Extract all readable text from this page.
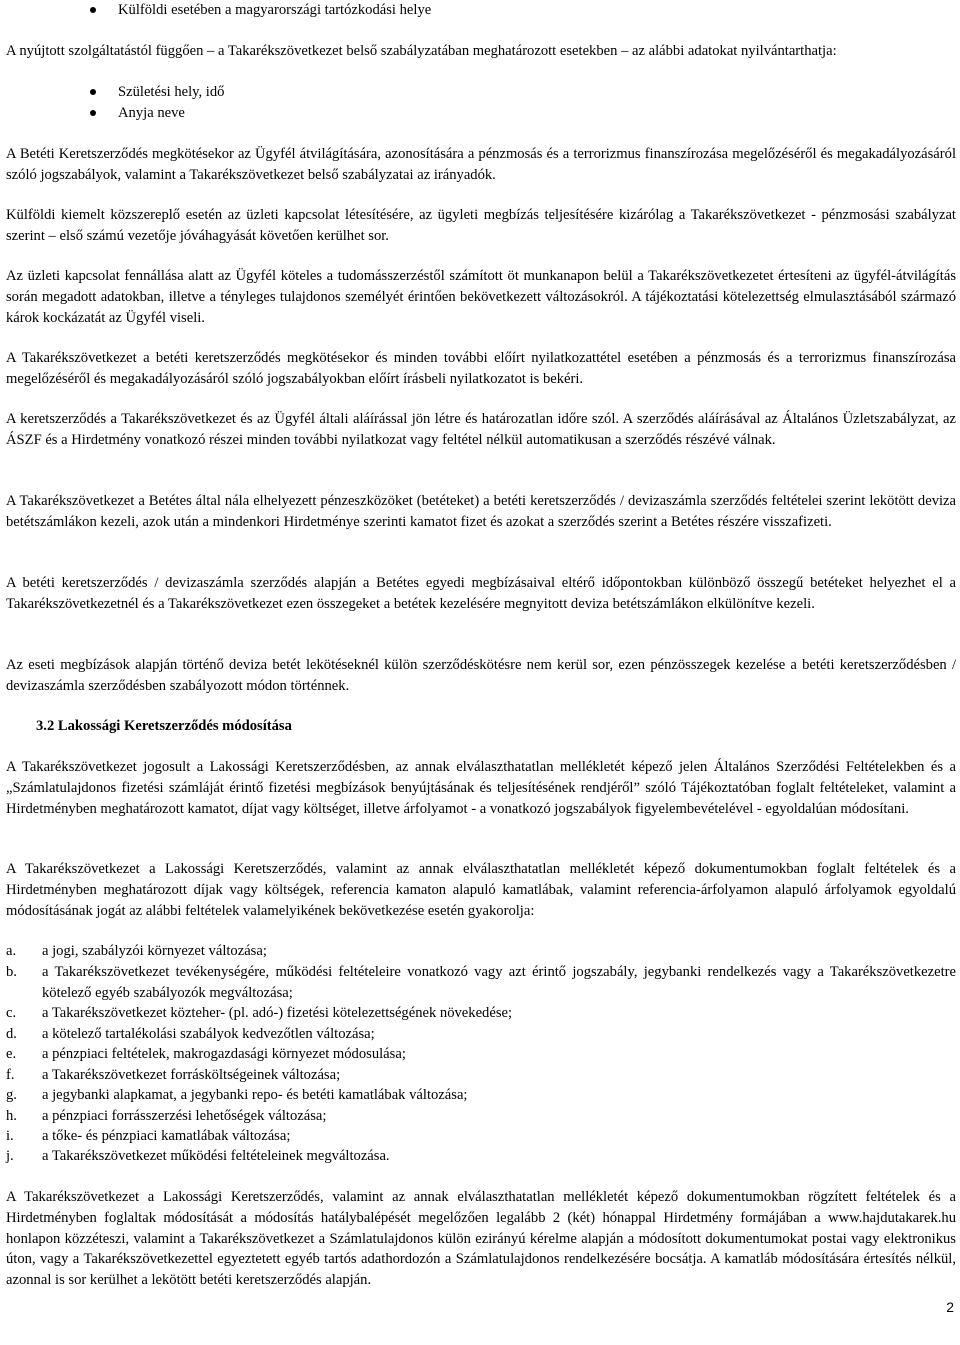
Külföldi esetében a magyarországi tartózkodási helye
A nyújtott szolgáltatástól függően – a Takarékszövetkezet belső szabályzatában meghatározott esetekben – az alábbi adatokat nyilvántarthatja:
Születési hely, idő
Anyja neve
A Betéti Keretszerződés megkötésekor az Ügyfél átvilágítására, azonosítására a pénzmosás és a terrorizmus finanszírozása megelőzéséről és megakadályozásáról szóló jogszabályok, valamint a Takarékszövetkezet belső szabályzatai az irányadók.
Külföldi kiemelt közszereplő esetén az üzleti kapcsolat létesítésére, az ügyleti megbízás teljesítésére kizárólag a Takarékszövetkezet - pénzmosási szabályzat szerint – első számú vezetője jóváhagyását követően kerülhet sor.
Az üzleti kapcsolat fennállása alatt az Ügyfél köteles a tudomásszerzéstől számított öt munkanapon belül a Takarékszövetkezetet értesíteni az ügyfél-átvilágítás során megadott adatokban, illetve a tényleges tulajdonos személyét érintően bekövetkezett változásokról. A tájékoztatási kötelezettség elmulasztásából származó károk kockázatát az Ügyfél viseli.
A Takarékszövetkezet a betéti keretszerződés megkötésekor és minden további előírt nyilatkozattétel esetében a pénzmosás és a terrorizmus finanszírozása megelőzéséről és megakadályozásáról szóló jogszabályokban előírt írásbeli nyilatkozatot is bekéri.
A keretszerződés a Takarékszövetkezet és az Ügyfél általi aláírással jön létre és határozatlan időre szól. A szerződés aláírásával az Általános Üzletszabályzat, az ÁSZF és a Hirdetmény vonatkozó részei minden további nyilatkozat vagy feltétel nélkül automatikusan a szerződés részévé válnak.
A Takarékszövetkezet a Betétes által nála elhelyezett pénzeszközöket (betéteket) a betéti keretszerződés / devizaszámla szerződés feltételei szerint lekötött deviza betétszámlákon kezeli, azok után a mindenkori Hirdetménye szerinti kamatot fizet és azokat a szerződés szerint a Betétes részére visszafizeti.
A betéti keretszerződés / devizaszámla szerződés alapján a Betétes egyedi megbízásaival eltérő időpontokban különböző összegű betéteket helyezhet el a Takarékszövetkezetnél és a Takarékszövetkezet ezen összegeket a betétek kezelésére megnyitott deviza betétszámlákon elkülönítve kezeli.
Az eseti megbízások alapján történő deviza betét lekötéseknél külön szerződéskötésre nem kerül sor, ezen pénzösszegek kezelése a betéti keretszerződésben / devizaszámla szerződésben szabályozott módon történnek.
3.2 Lakossági Keretszerződés módosítása
A Takarékszövetkezet jogosult a Lakossági Keretszerződésben, az annak elválaszthatatlan mellékletét képező jelen Általános Szerződési Feltételekben és a „Számlatulajdonos fizetési számláját érintő fizetési megbízások benyújtásának és teljesítésének rendjéről” szóló Tájékoztatóban foglalt feltételeket, valamint a Hirdetményben meghatározott kamatot, díjat vagy költséget, illetve árfolyamot - a vonatkozó jogszabályok figyelembevételével - egyoldalúan módosítani.
A Takarékszövetkezet a Lakossági Keretszerződés, valamint az annak elválaszthatatlan mellékletét képező dokumentumokban foglalt feltételek és a Hirdetményben meghatározott díjak vagy költségek, referencia kamaton alapuló kamatlábak, valamint referencia-árfolyamon alapuló árfolyamok egyoldalú módosításának jogát az alábbi feltételek valamelyikének bekövetkezése esetén gyakorolja:
a. a jogi, szabályzói környezet változása;
b. a Takarékszövetkezet tevékenységére, működési feltételeire vonatkozó vagy azt érintő jogszabály, jegybanki rendelkezés vagy a Takarékszövetkezetre kötelező egyéb szabályozók megváltozása;
c. a Takarékszövetkezet közteher- (pl. adó-) fizetési kötelezettségének növekedése;
d. a kötelező tartalékolási szabályok kedvezőtlen változása;
e. a pénzpiaci feltételek, makrogazdasági környezet módosulása;
f. a Takarékszövetkezet forrásköltségeinek változása;
g. a jegybanki alapkamat, a jegybanki repo- és betéti kamatlábak változása;
h. a pénzpiaci forrásszerzési lehetőségek változása;
i. a tőke- és pénzpiaci kamatlábak változása;
j. a Takarékszövetkezet működési feltételeinek megváltozása.
A Takarékszövetkezet a Lakossági Keretszerződés, valamint az annak elválaszthatatlan mellékletét képező dokumentumokban rögzített feltételek és a Hirdetményben foglaltak módosítását a módosítás hatálybalépését megelőzően legalább 2 (két) hónappal Hirdetmény formájában a www.hajdutakarek.hu honlapon közzéteszi, valamint a Takarékszövetkezet a Számlatulajdonos külön ezirányú kérelme alapján a módosított dokumentumokat postai vagy elektronikus úton, vagy a Takarékszövetkezettel egyeztetett egyéb tartós adathordozón a Számlatulajdonos rendelkezésére bocsátja. A kamatláb módosítására értesítés nélkül, azonnal is sor kerülhet a lekötött betéti keretszerződés alapján.
2
